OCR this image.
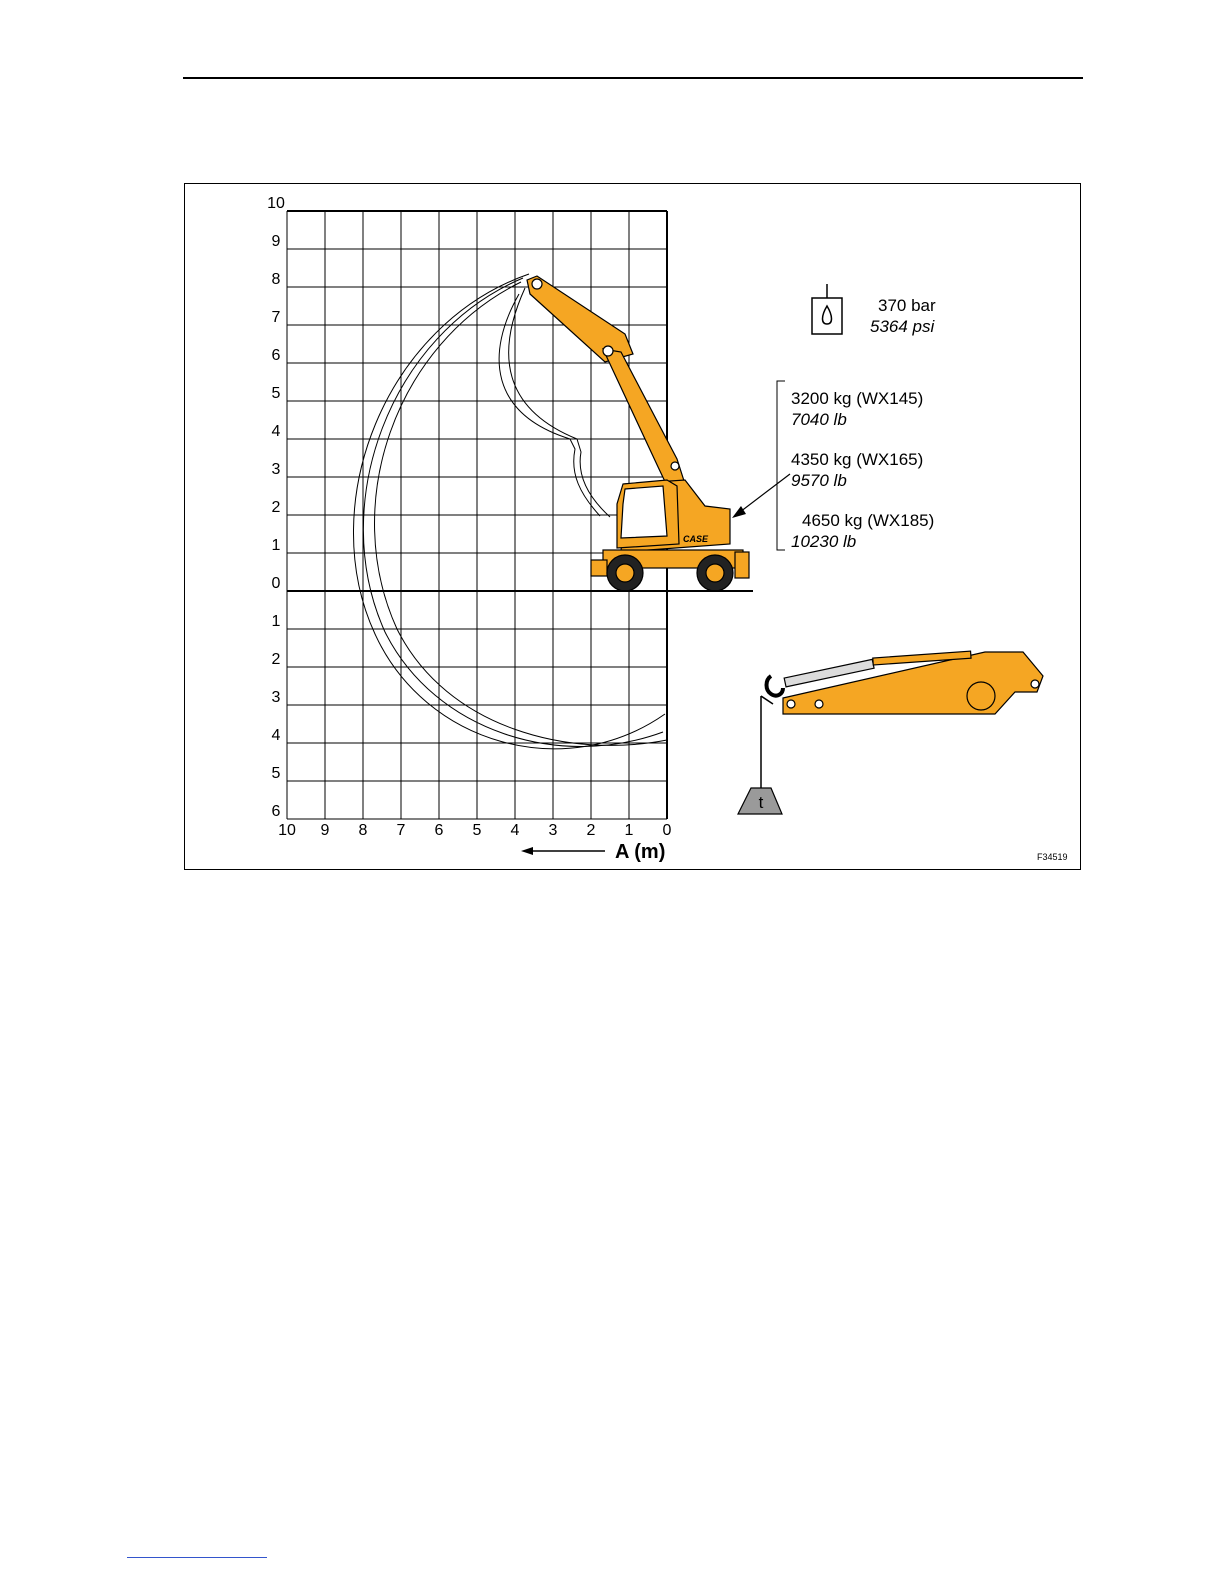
10
9
8
7
6
5
4
3
2
1
0
1
2
3
4
5
6
10 9 8 7 6 5 4 3 2 1 0
A (m)
CASE
370 bar
5364 psi
3200 kg (WX145)
7040 lb
4350 kg (WX165)
9570 lb
4650 kg (WX185)
10230 lb
t
F34519
